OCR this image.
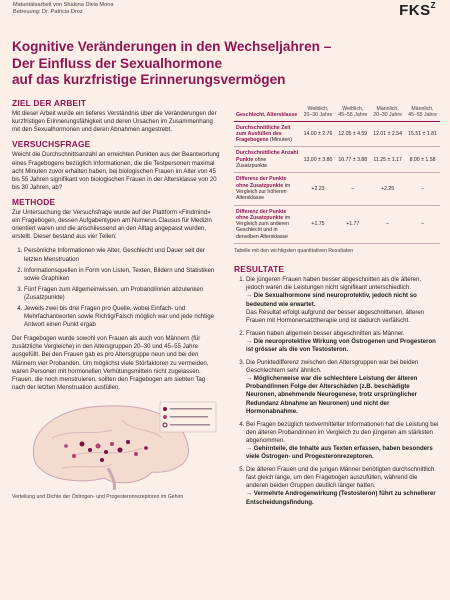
Maturitätsarbeit von Shakina Divia Mona
Betreuung: Dr. Patricia Droz	$FKS^Z$
Kognitive Veränderungen in den Wechseljahren –
Der Einfluss der Sexualhormone
auf das kurzfristige Erinnerungsvermögen
ZIEL DER ARBEIT

Mit dieser Arbeit wurde ein tieferes Verständnis über die Veränderungen der kurzfristigen Erinnerungsfähigkeit und deren Ursachen im Zusammenhang mit den Sexualhormonen und deren Abnahmen angestrebt.

VERSUCHSFRAGE

Weicht die Durchschnittsanzahl an erreichten Punkten aus der Beantwortung eines Fragebogens bezüglich Informationen, die die Testpersonen maximal acht Minuten zuvor erhalten haben, bei biologischen Frauen im Alter von 45 bis 55 Jahren signifikant von biologischen Frauen in der Altersklasse von 20 bis 30 Jahren, ab?

METHODE

Zur Untersuchung der Versuchsfrage wurde auf der Plattform «Findmind» ein Fragebogen, dessen Aufgabentypen am Numerus Clausus für Medizin orientiert waren und die anschliessend an den Alltag angepasst wurden, erstellt. Dieser bestand aus vier Teilen:

1. Persönliche Informationen wie Alter, Geschlecht und Dauer seit der letzten Menstruation
2. Informationsquellen in Form von Listen, Texten, Bildern und Statistiken sowie Graphiken
3. Fünf Fragen zum Allgemeinwissen, um Proband/innen abzulenken (Zusatzpunkte)
4. Jeweils zwei bis drei Fragen pro Quelle, wobei Einfach- und Mehrfachantworten sowie Richtig/Falsch möglich war und jede richtige Antwort einen Punkt ergab

Der Fragebogen wurde sowohl von Frauen als auch von Männern (für zusätzliche Vergleiche) in den Altersgruppen 20–30 und 45–55 Jahre ausgefüllt. Bei den Frauen gab es pro Altersgruppe neun und bei den Männern vier Probanden. Um möglichst viele Störfaktoren zu vermeiden, waren Personen mit hormonellen Verhütungsmitteln nicht zugelassen. Frauen, die noch menstruieren, sollten den Fragebogen am siebten Tag nach der letzten Menstruation ausfüllen.

Verteilung und Dichte der Östrogen- und Progesteronrezeptoren im Gehirn
Geschlecht, Altersklasse	Weiblich, 20–30 Jahre	Weiblich, 45–55 Jahre	Männlich, 20–30 Jahre	Männlich, 45–55 Jahre
Durchschnittliche Zeit zum Ausfüllen des Fragebogens (Minuten)	14.00 ± 2.76	12.05 ± 4.59	12.01 ± 2.54	15.51 ± 1.81
Durchschnittliche Anzahl Punkte ohne Zusatzpunkte	13.00 ± 3.80	10.77 ± 3.88	11.25 ± 1.17	8.00 ± 1.58
Differenz der Punkte ohne Zusatzpunkte im Vergleich zur höheren Altersklasse	+2.23	–	+2.25	–
Differenz der Punkte ohne Zusatzpunkte im Vergleich zum anderen Geschlecht und in derselben Altersklasse	+1.75	+1.77	–	–
Tabelle mit den wichtigsten quantitativen Resultaten
RESULTATE
1. Die jüngeren Frauen haben besser abgeschnitten als die älteren, jedoch waren die Leistungen nicht signifikant unterschiedlich.
→ Die Sexualhormone sind neuroprotektiv, jedoch nicht so bedeutend wie erwartet.
Das Resultat erfolgt aufgrund der besser abgeschnittenen, älteren Frauen mit Hormonersatztherapie und ist dadurch verfälscht.
2. Frauen haben allgemein besser abgeschnitten als Männer.
→ Die neuroprotektive Wirkung von Östrogenen und Progesteron ist grösser als die von Testosteron.
3. Die Punktedifferenz zwischen den Altersgruppen war bei beiden Geschlechtern sehr ähnlich.
→ Möglicherweise war die schlechtere Leistung der älteren Proband/innen Folge der Alterschäden (z.B. beschädigte Neuronen, abnehmende Neurogenese, trotz ursprünglicher Redundanz Abnahme an Neuronen) und nicht der Hormonabnahme.
4. Bei Fragen bezüglich textvermittelter Informationen hat die Leistung bei den älteren Probandinnen im Vergleich zu den jüngeren am stärksten abgenommen.
→ Gehirnteile, die Inhalte aus Texten erfassen, haben besonders viele Östrogen- und Progesteronrezeptoren.
5. Die älteren Frauen und die jungen Männer benötigten durchschnittlich fast gleich lange, um den Fragebogen auszufüllen, während die anderen beiden Gruppen deutlich länger hatten.
→ Vermehrte Androgenwirkung (Testosteron) führt zu schnellerer Entscheidungsfindung.
